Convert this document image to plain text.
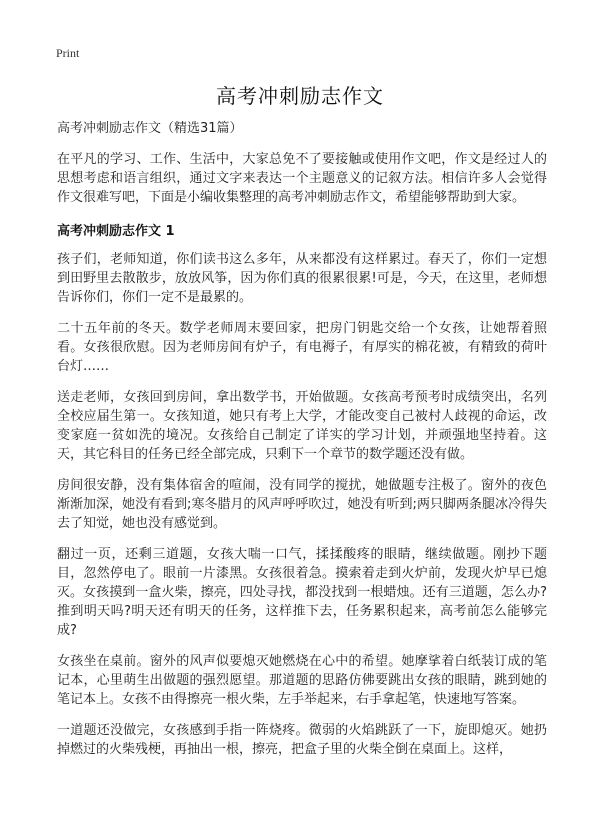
Print
高考冲刺励志作文

高考冲刺励志作文（精选31篇）

在平凡的学习、工作、生活中，大家总免不了要接触或使用作文吧，作文是经过人的思想考虑和语言组织，通过文字来表达一个主题意义的记叙方法。相信许多人会觉得作文很难写吧，下面是小编收集整理的高考冲刺励志作文，希望能够帮助到大家。

高考冲刺励志作文 1

孩子们，老师知道，你们读书这么多年，从来都没有这样累过。春天了，你们一定想到田野里去散散步，放放风筝，因为你们真的很累很累!可是，今天，在这里，老师想告诉你们，你们一定不是最累的。

二十五年前的冬天。数学老师周末要回家，把房门钥匙交给一个女孩，让她帮着照看。女孩很欣慰。因为老师房间有炉子，有电褥子，有厚实的棉花被，有精致的荷叶台灯……

送走老师，女孩回到房间，拿出数学书，开始做题。女孩高考预考时成绩突出，名列全校应届生第一。女孩知道，她只有考上大学，才能改变自己被村人歧视的命运，改变家庭一贫如洗的境况。女孩给自己制定了详实的学习计划，并顽强地坚持着。这天，其它科目的任务已经全部完成，只剩下一个章节的数学题还没有做。

房间很安静，没有集体宿舍的喧闹，没有同学的搅扰，她做题专注极了。窗外的夜色渐渐加深，她没有看到;寒冬腊月的风声呼呼吹过，她没有听到;两只脚两条腿冰冷得失去了知觉，她也没有感觉到。

翻过一页，还剩三道题，女孩大喘一口气，揉揉酸疼的眼睛，继续做题。刚抄下题目，忽然停电了。眼前一片漆黑。女孩很着急。摸索着走到火炉前，发现火炉早已熄灭。女孩摸到一盒火柴，擦亮，四处寻找，都没找到一根蜡烛。还有三道题，怎么办?推到明天吗?明天还有明天的任务，这样推下去，任务累积起来，高考前怎么能够完成?

女孩坐在桌前。窗外的风声似要熄灭她燃烧在心中的希望。她摩挲着白纸装订成的笔记本，心里萌生出做题的强烈愿望。那道题的思路仿佛要跳出女孩的眼睛，跳到她的笔记本上。女孩不由得擦亮一根火柴，左手举起来，右手拿起笔，快速地写答案。

一道题还没做完，女孩感到手指一阵烧疼。微弱的火焰跳跃了一下，旋即熄灭。她扔掉燃过的火柴残梗，再抽出一根，擦亮，把盒子里的火柴全倒在桌面上。这样，
